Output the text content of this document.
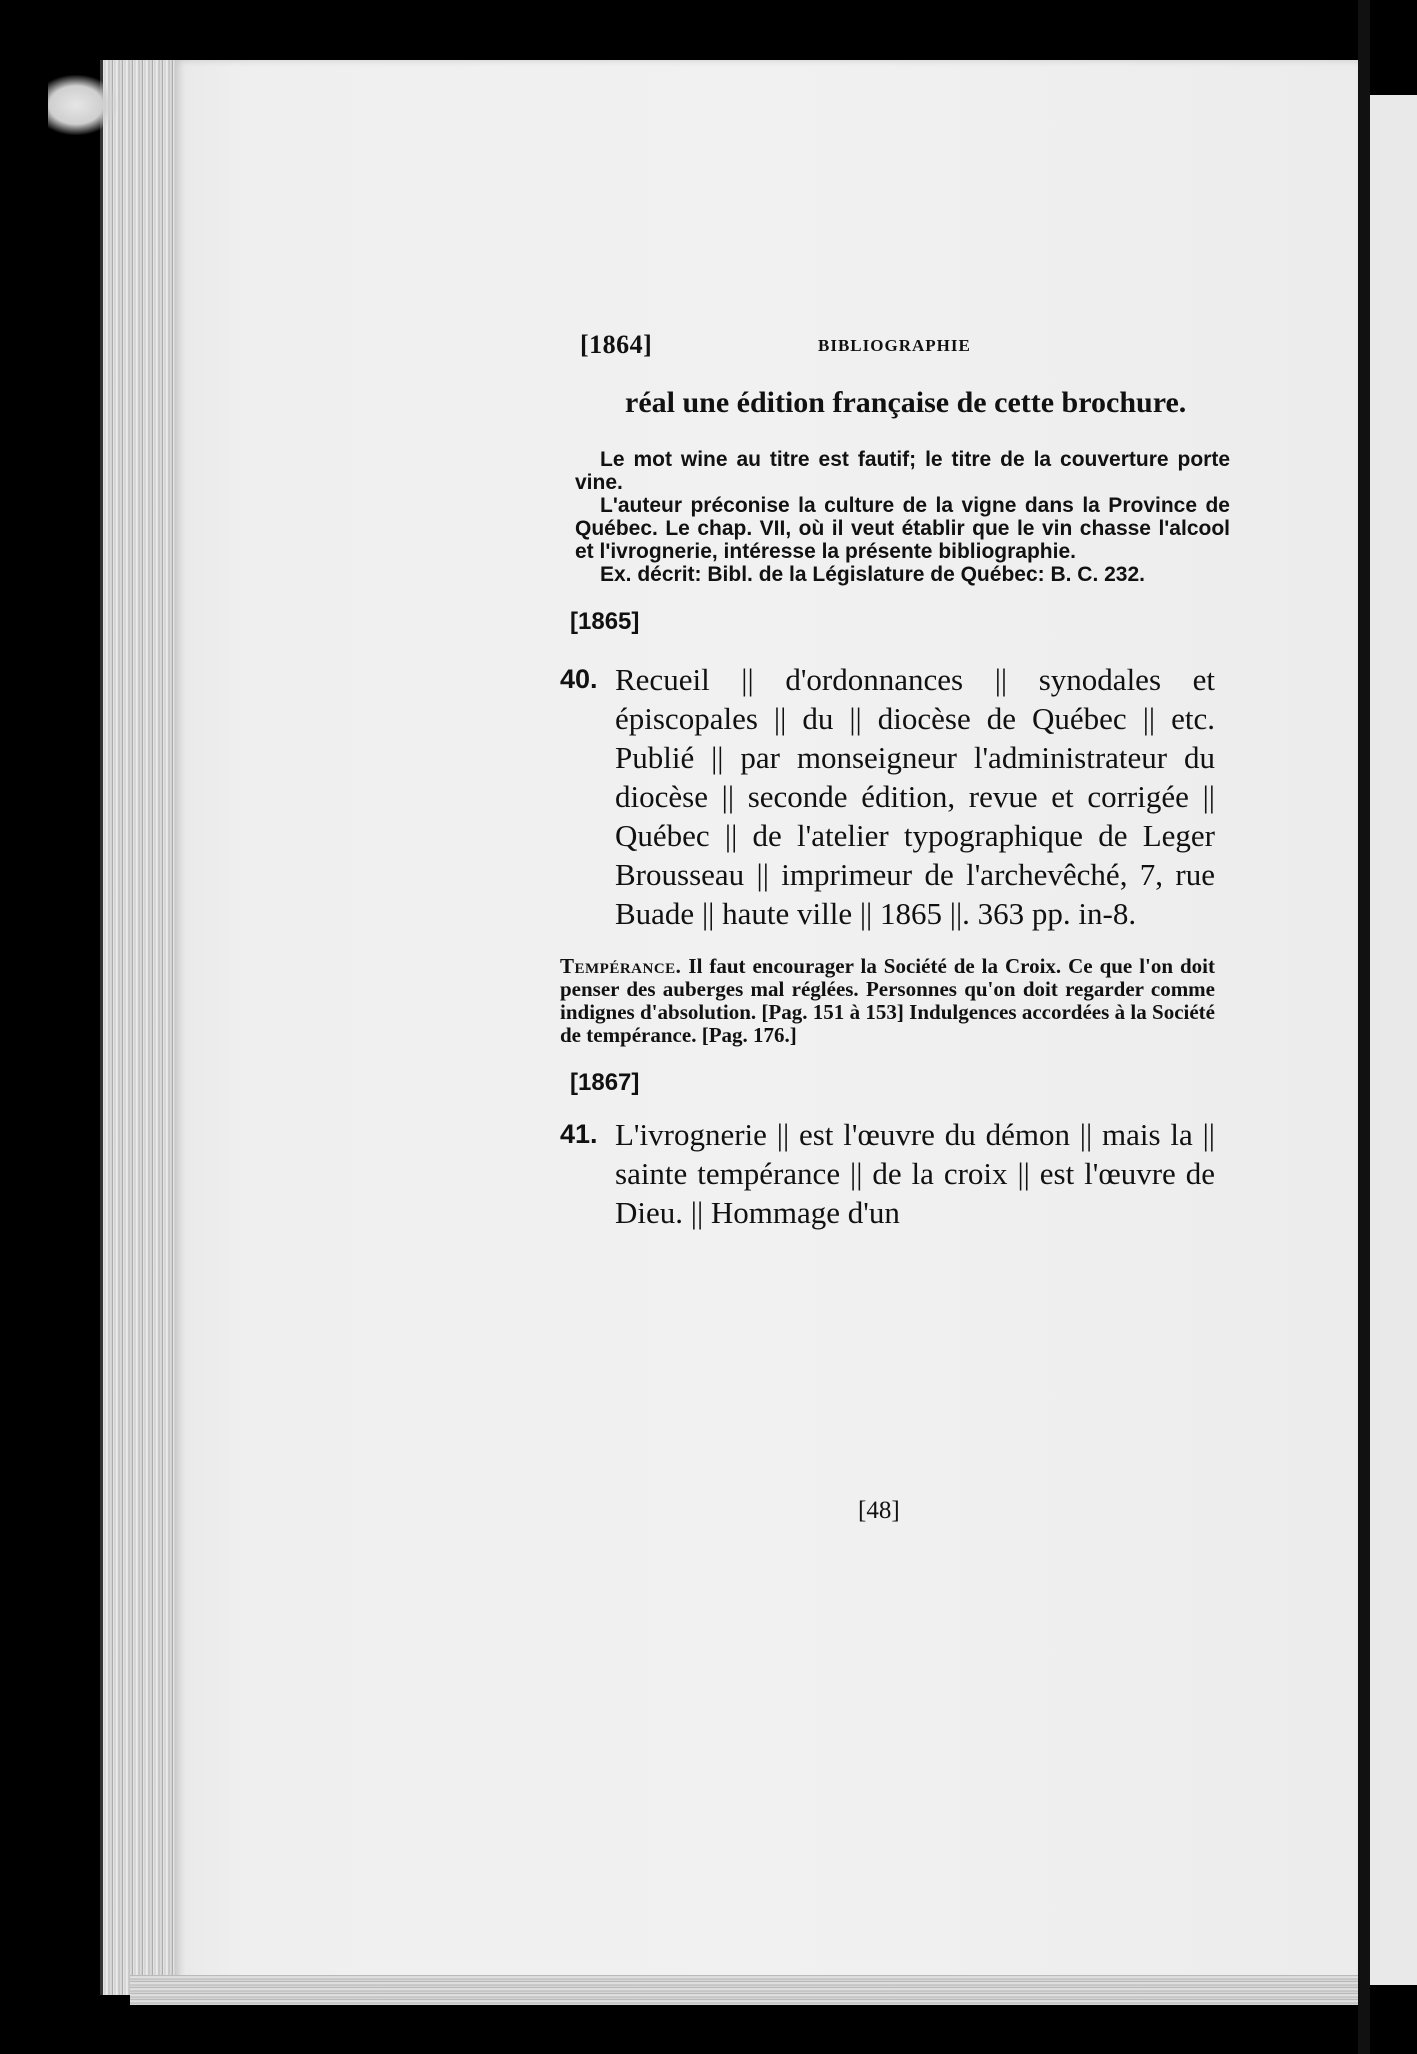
[1864]	BIBLIOGRAPHIE
réal une édition française de cette brochure.

Le mot wine au titre est fautif; le titre de la couverture porte vine.

L'auteur préconise la culture de la vigne dans la Province de Québec. Le chap. VII, où il veut établir que le vin chasse l'alcool et l'ivrognerie, intéresse la présente bibliographie.

Ex. décrit: Bibl. de la Législature de Québec: B. C. 232.

[1865]
40. Recueil || d'ordonnances || synodales et épiscopales || du || diocèse de Québec || etc. Publié || par monseigneur l'administrateur du diocèse || seconde édition, revue et corrigée || Québec || de l'atelier typographique de Leger Brousseau || imprimeur de l'archevêché, 7, rue Buade || haute ville || 1865 ||. 363 pp. in-8.
Tempérance. Il faut encourager la Société de la Croix. Ce que l'on doit penser des auberges mal réglées. Personnes qu'on doit regarder comme indignes d'absolution. [Pag. 151 à 153] Indulgences accordées à la Société de tempérance. [Pag. 176.]
[1867]
41. L'ivrognerie || est l'œuvre du démon || mais la || sainte tempérance || de la croix || est l'œuvre de Dieu. || Hommage d'un
[48]
